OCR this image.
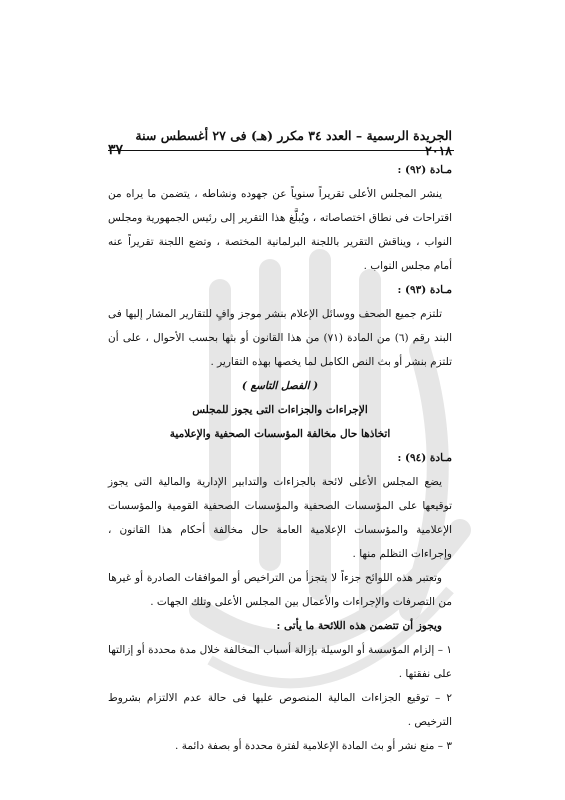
الجريدة الرسمية – العدد ٣٤ مكرر (هـ) فى ٢٧ أغسطس سنة ٢٠١٨
٣٧
مـادة (٩٢) :
ينشر المجلس الأعلى تقريراً سنوياً عن جهوده ونشاطه ، يتضمن ما يراه من اقتراحات فى نطاق اختصاصاته ، ويُبلَّغ هذا التقرير إلى رئيس الجمهورية ومجلس النواب ، ويناقش التقرير باللجنة البرلمانية المختصة ، وتضع اللجنة تقريراً عنه أمام مجلس النواب .
مـادة (٩٣) :
تلتزم جميع الصحف ووسائل الإعلام بنشر موجز وافٍ للتقارير المشار إليها فى البند رقم (٦) من المادة (٧١) من هذا القانون أو بثها بحسب الأحوال ، على أن تلتزم بنشر أو بث النص الكامل لما يخصها بهذه التقارير .
( الفصل التاسع )
الإجراءات والجزاءات التى يجوز للمجلس
اتخاذها حال مخالفة المؤسسات الصحفية والإعلامية
مـادة (٩٤) :
يضع المجلس الأعلى لائحة بالجزاءات والتدابير الإدارية والمالية التى يجوز توقيعها على المؤسسات الصحفية والمؤسسات الصحفية القومية والمؤسسات الإعلامية والمؤسسات الإعلامية العامة حال مخالفة أحكام هذا القانون ، وإجراءات التظلم منها .
وتعتبر هذه اللوائح جزءاً لا يتجزأ من التراخيص أو الموافقات الصادرة أو غيرها من التصرفات والإجراءات والأعمال بين المجلس الأعلى وتلك الجهات .
ويجوز أن تتضمن هذه اللائحة ما يأتى :
١ – إلزام المؤسسة أو الوسيلة بإزالة أسباب المخالفة خلال مدة محددة أو إزالتها على نفقتها .
٢ – توقيع الجزاءات المالية المنصوص عليها فى حالة عدم الالتزام بشروط الترخيص .
٣ – منع نشر أو بث المادة الإعلامية لفترة محددة أو بصفة دائمة .
